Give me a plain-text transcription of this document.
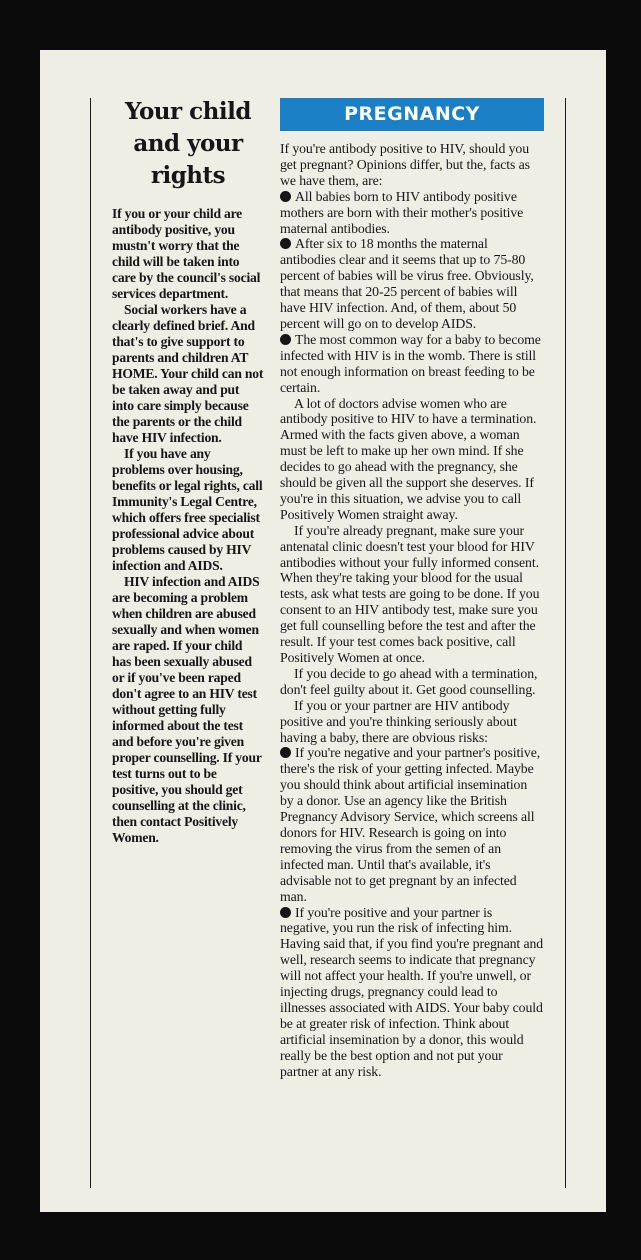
Your child and your rights

If you or your child are antibody positive, you mustn't worry that the child will be taken into care by the council's social services department.

Social workers have a clearly defined brief. And that's to give support to parents and children AT HOME. Your child can not be taken away and put into care simply because the parents or the child have HIV infection.

If you have any problems over housing, benefits or legal rights, call Immunity's Legal Centre, which offers free specialist professional advice about problems caused by HIV infection and AIDS.

HIV infection and AIDS are becoming a problem when children are abused sexually and when women are raped. If your child has been sexually abused or if you've been raped don't agree to an HIV test without getting fully informed about the test and before you're given proper counselling. If your test turns out to be positive, you should get counselling at the clinic, then contact Positively Women.

PREGNANCY

If you're antibody positive to HIV, should you get pregnant? Opinions differ, but the, facts as we have them, are:

All babies born to HIV antibody positive mothers are born with their mother's positive maternal antibodies.

After six to 18 months the maternal antibodies clear and it seems that up to 75-80 percent of babies will be virus free. Obviously, that means that 20-25 percent of babies will have HIV infection. And, of them, about 50 percent will go on to develop AIDS.

The most common way for a baby to become infected with HIV is in the womb. There is still not enough information on breast feeding to be certain.

A lot of doctors advise women who are antibody positive to HIV to have a termination. Armed with the facts given above, a woman must be left to make up her own mind. If she decides to go ahead with the pregnancy, she should be given all the support she deserves. If you're in this situation, we advise you to call Positively Women straight away.

If you're already pregnant, make sure your antenatal clinic doesn't test your blood for HIV antibodies without your fully informed consent. When they're taking your blood for the usual tests, ask what tests are going to be done. If you consent to an HIV antibody test, make sure you get full counselling before the test and after the result. If your test comes back positive, call Positively Women at once.

If you decide to go ahead with a termination, don't feel guilty about it. Get good counselling.

If you or your partner are HIV antibody positive and you're thinking seriously about having a baby, there are obvious risks:

If you're negative and your partner's positive, there's the risk of your getting infected. Maybe you should think about artificial insemination by a donor. Use an agency like the British Pregnancy Advisory Service, which screens all donors for HIV. Research is going on into removing the virus from the semen of an infected man. Until that's available, it's advisable not to get pregnant by an infected man.

If you're positive and your partner is negative, you run the risk of infecting him. Having said that, if you find you're pregnant and well, research seems to indicate that pregnancy will not affect your health. If you're unwell, or injecting drugs, pregnancy could lead to illnesses associated with AIDS. Your baby could be at greater risk of infection. Think about artificial insemination by a donor, this would really be the best option and not put your partner at any risk.
